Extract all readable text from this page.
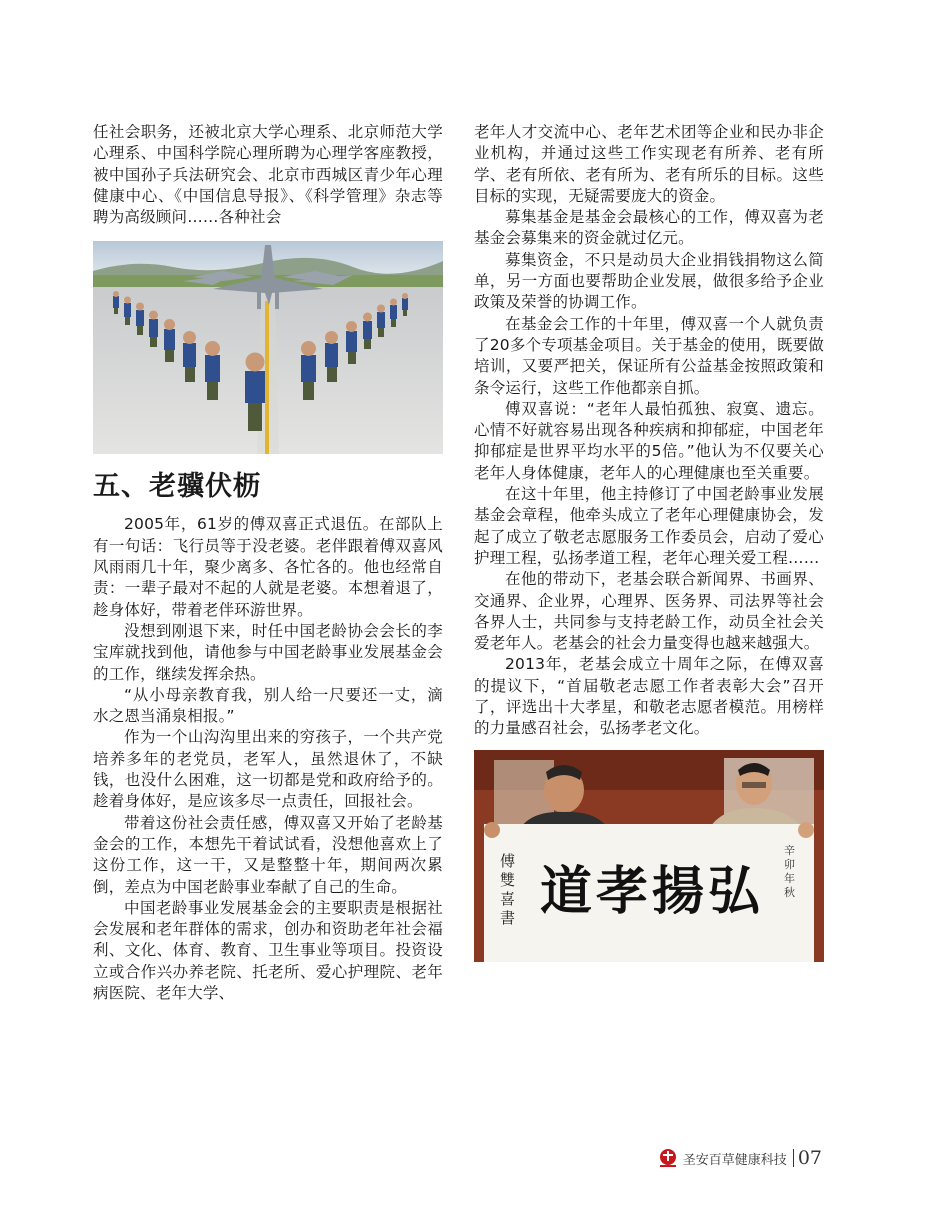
任社会职务，还被北京大学心理系、北京师范大学心理系、中国科学院心理所聘为心理学客座教授，被中国孙子兵法研究会、北京市西城区青少年心理健康中心、《中国信息导报》、《科学管理》杂志等聘为高级顾问……各种社会

五、老骥伏枥

2005年，61岁的傅双喜正式退伍。在部队上有一句话：飞行员等于没老婆。老伴跟着傅双喜风风雨雨几十年，聚少离多、各忙各的。他也经常自责：一辈子最对不起的人就是老婆。本想着退了，趁身体好，带着老伴环游世界。

没想到刚退下来，时任中国老龄协会会长的李宝库就找到他，请他参与中国老龄事业发展基金会的工作，继续发挥余热。

“从小母亲教育我，别人给一尺要还一丈，滴水之恩当涌泉相报。”

作为一个山沟沟里出来的穷孩子，一个共产党培养多年的老党员，老军人，虽然退休了，不缺钱，也没什么困难，这一切都是党和政府给予的。趁着身体好，是应该多尽一点责任，回报社会。

带着这份社会责任感，傅双喜又开始了老龄基金会的工作，本想先干着试试看，没想他喜欢上了这份工作，这一干，又是整整十年，期间两次累倒，差点为中国老龄事业奉献了自己的生命。

中国老龄事业发展基金会的主要职责是根据社会发展和老年群体的需求，创办和资助老年社会福利、文化、体育、教育、卫生事业等项目。投资设立或合作兴办养老院、托老所、爱心护理院、老年病医院、老年大学、

老年人才交流中心、老年艺术团等企业和民办非企业机构，并通过这些工作实现老有所养、老有所学、老有所依、老有所为、老有所乐的目标。这些目标的实现，无疑需要庞大的资金。

募集基金是基金会最核心的工作，傅双喜为老基金会募集来的资金就过亿元。

募集资金，不只是动员大企业捐钱捐物这么简单，另一方面也要帮助企业发展，做很多给予企业政策及荣誉的协调工作。

在基金会工作的十年里，傅双喜一个人就负责了20多个专项基金项目。关于基金的使用，既要做培训，又要严把关，保证所有公益基金按照政策和条令运行，这些工作他都亲自抓。

傅双喜说：“老年人最怕孤独、寂寞、遗忘。心情不好就容易出现各种疾病和抑郁症，中国老年抑郁症是世界平均水平的5倍。”他认为不仅要关心老年人身体健康，老年人的心理健康也至关重要。

在这十年里，他主持修订了中国老龄事业发展基金会章程，他牵头成立了老年心理健康协会，发起了成立了敬老志愿服务工作委员会，启动了爱心护理工程，弘扬孝道工程，老年心理关爱工程……

在他的带动下，老基会联合新闻界、书画界、交通界、企业界，心理界、医务界、司法界等社会各界人士，共同参与支持老龄工作，动员全社会关爱老年人。老基会的社会力量变得也越来越强大。

2013年，老基会成立十周年之际，在傅双喜的提议下，“首届敬老志愿工作者表彰大会”召开了，评选出十大孝星，和敬老志愿者模范。用榜样的力量感召社会，弘扬孝老文化。

弘揚孝道
傅雙喜書
辛卯年秋
圣安百草健康科技 07
